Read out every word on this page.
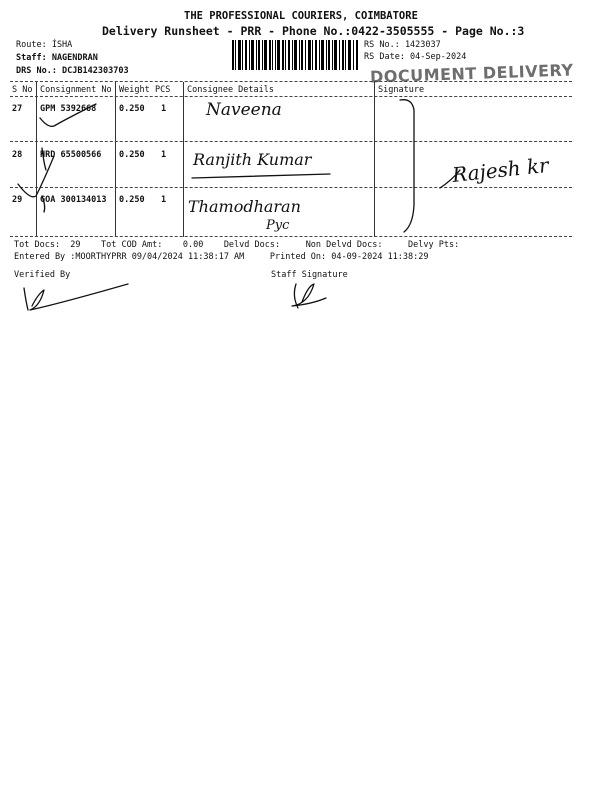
THE PROFESSIONAL COURIERS, COIMBATORE
Delivery Runsheet - PRR - Phone No.:0422-3505555 - Page No.:3
Route: ÍSHA
Staff: NAGENDRAN
DRS No.: DCJB142303703
RS No.: 1423037
RS Date: 04-Sep-2024
DOCUMENT DELIVERY
S No Consignment No Weight PCS Consignee Details	Signature
27 GPM 5392668	0.250 1 Naveena
28 HRD 65500566 0.250 1 Ranjith Kumar
29 GOA 300134013 0.250 1 Thamodharan
Pyc
Rajesh kr
Tot Docs:  29    Tot COD Amt:    0.00    Delvd Docs:     Non Delvd Docs:     Delvy Pts:
Entered By :MOORTHYPRR 09/04/2024 11:38:17 AM     Printed On: 04-09-2024 11:38:29
Verified By	Staff Signature
